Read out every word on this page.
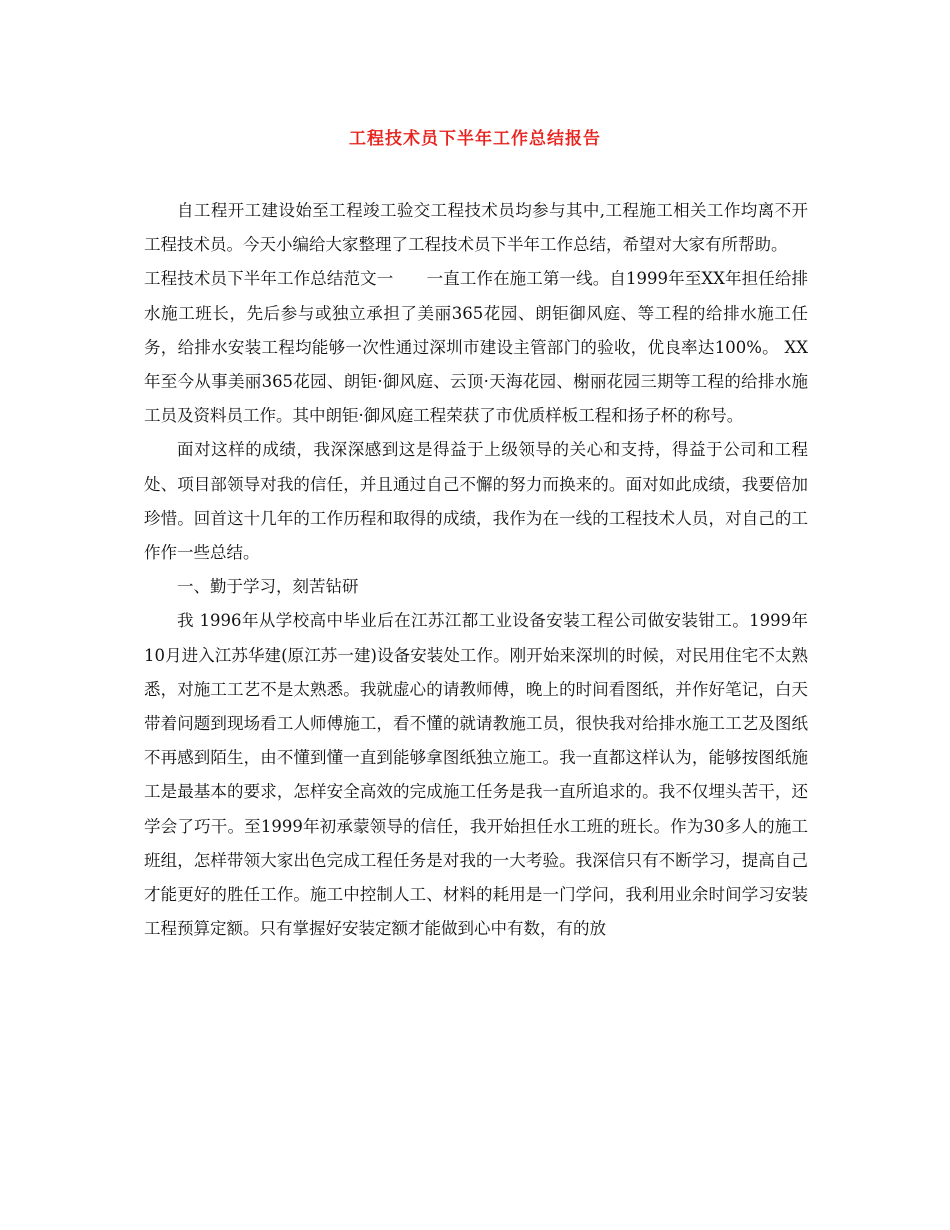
工程技术员下半年工作总结报告

自工程开工建设始至工程竣工验交工程技术员均参与其中,工程施工相关工作均离不开工程技术员。今天小编给大家整理了工程技术员下半年工作总结，希望对大家有所帮助。

工程技术员下半年工作总结范文一　　一直工作在施工第一线。自1999年至XX年担任给排水施工班长，先后参与或独立承担了美丽365花园、朗钜御风庭、等工程的给排水施工任务，给排水安装工程均能够一次性通过深圳市建设主管部门的验收，优良率达100%。 XX年至今从事美丽365花园、朗钜·御风庭、云顶·天海花园、榭丽花园三期等工程的给排水施工员及资料员工作。其中朗钜·御风庭工程荣获了市优质样板工程和扬子杯的称号。

面对这样的成绩，我深深感到这是得益于上级领导的关心和支持，得益于公司和工程处、项目部领导对我的信任，并且通过自己不懈的努力而换来的。面对如此成绩，我要倍加珍惜。回首这十几年的工作历程和取得的成绩，我作为在一线的工程技术人员，对自己的工作作一些总结。

一、勤于学习，刻苦钻研

我 1996年从学校高中毕业后在江苏江都工业设备安装工程公司做安装钳工。1999年10月进入江苏华建(原江苏一建)设备安装处工作。刚开始来深圳的时候，对民用住宅不太熟悉，对施工工艺不是太熟悉。我就虚心的请教师傅，晚上的时间看图纸，并作好笔记，白天带着问题到现场看工人师傅施工，看不懂的就请教施工员，很快我对给排水施工工艺及图纸不再感到陌生，由不懂到懂一直到能够拿图纸独立施工。我一直都这样认为，能够按图纸施工是最基本的要求，怎样安全高效的完成施工任务是我一直所追求的。我不仅埋头苦干，还学会了巧干。至1999年初承蒙领导的信任，我开始担任水工班的班长。作为30多人的施工班组，怎样带领大家出色完成工程任务是对我的一大考验。我深信只有不断学习，提高自己才能更好的胜任工作。施工中控制人工、材料的耗用是一门学问，我利用业余时间学习安装工程预算定额。只有掌握好安装定额才能做到心中有数，有的放
